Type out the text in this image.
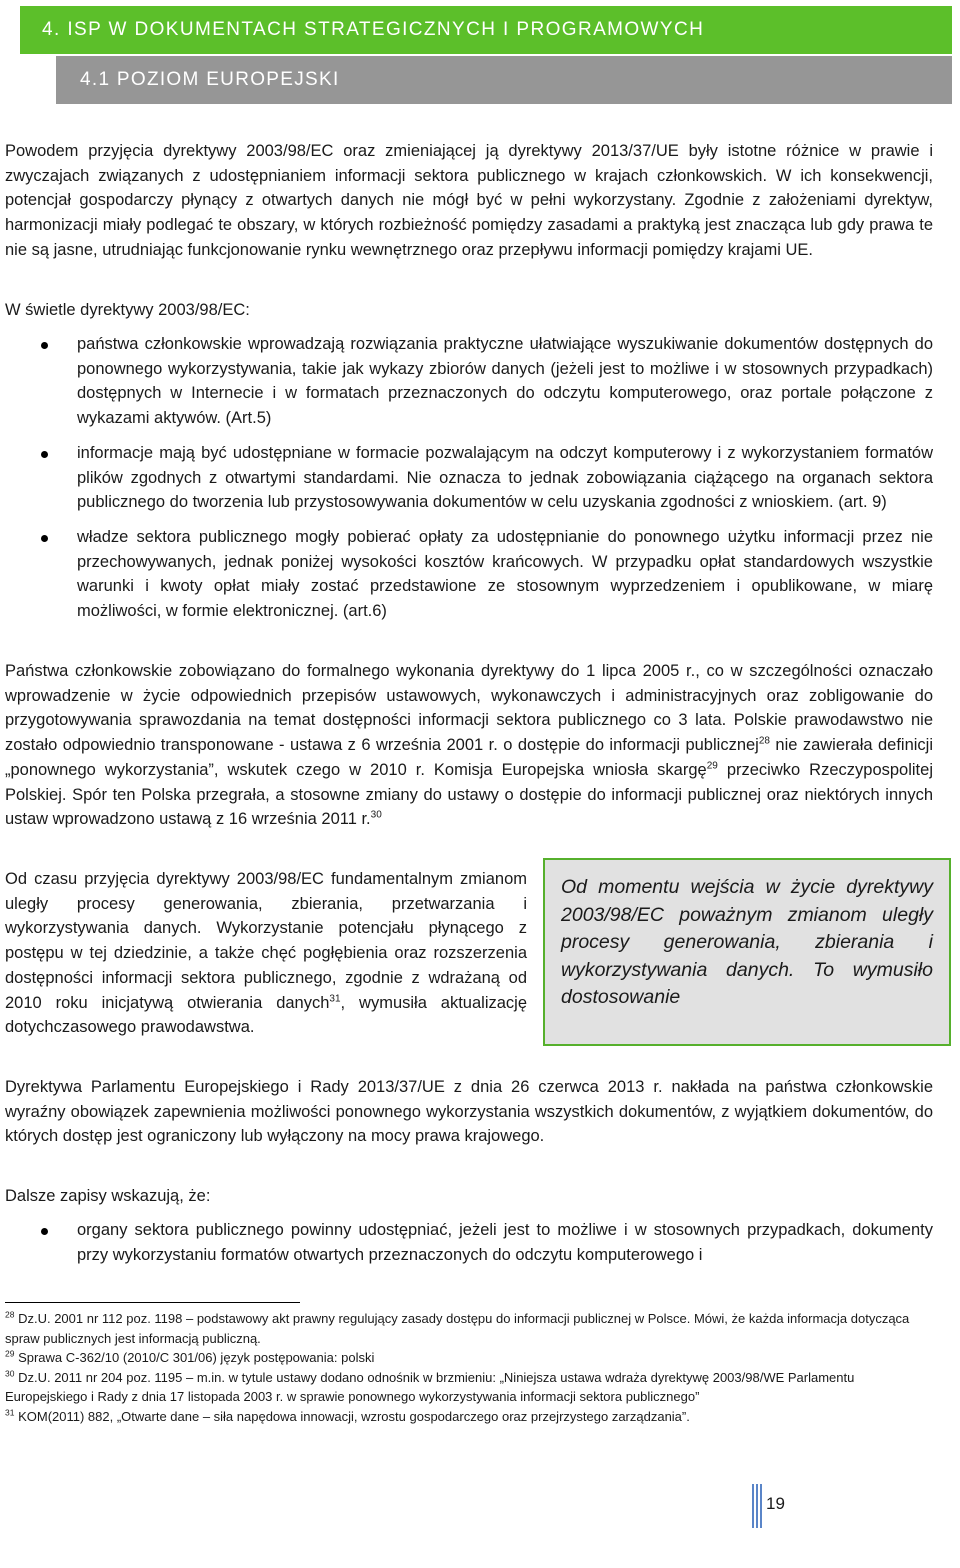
4. ISP W DOKUMENTACH STRATEGICZNYCH I PROGRAMOWYCH
4.1 POZIOM EUROPEJSKI

Powodem przyjęcia dyrektywy 2003/98/EC oraz zmieniającej ją dyrektywy 2013/37/UE były istotne różnice w prawie i zwyczajach związanych z udostępnianiem informacji sektora publicznego w krajach członkowskich. W ich konsekwencji, potencjał gospodarczy płynący z otwartych danych nie mógł być w pełni wykorzystany. Zgodnie z założeniami dyrektyw, harmonizacji miały podlegać te obszary, w których rozbieżność pomiędzy zasadami a praktyką jest znacząca lub gdy prawa te nie są jasne, utrudniając funkcjonowanie rynku wewnętrznego oraz przepływu informacji pomiędzy krajami UE.

W świetle dyrektywy 2003/98/EC:

państwa członkowskie wprowadzają rozwiązania praktyczne ułatwiające wyszukiwanie dokumentów dostępnych do ponownego wykorzystywania, takie jak wykazy zbiorów danych (jeżeli jest to możliwe i w stosownych przypadkach) dostępnych w Internecie i w formatach przeznaczonych do odczytu komputerowego, oraz portale połączone z wykazami aktywów. (Art.5)
informacje mają być udostępniane w formacie pozwalającym na odczyt komputerowy i z wykorzystaniem formatów plików zgodnych z otwartymi standardami. Nie oznacza to jednak zobowiązania ciążącego na organach sektora publicznego do tworzenia lub przystosowywania dokumentów w celu uzyskania zgodności z wnioskiem. (art. 9)
władze sektora publicznego mogły pobierać opłaty za udostępnianie do ponownego użytku informacji przez nie przechowywanych, jednak poniżej wysokości kosztów krańcowych. W przypadku opłat standardowych wszystkie warunki i kwoty opłat miały zostać przedstawione ze stosownym wyprzedzeniem i opublikowane, w miarę możliwości, w formie elektronicznej. (art.6)

Państwa członkowskie zobowiązano do formalnego wykonania dyrektywy do 1 lipca 2005 r., co w szczególności oznaczało wprowadzenie w życie odpowiednich przepisów ustawowych, wykonawczych i administracyjnych oraz zobligowanie do przygotowywania sprawozdania na temat dostępności informacji sektora publicznego co 3 lata. Polskie prawodawstwo nie zostało odpowiednio transponowane - ustawa z 6 września 2001 r. o dostępie do informacji publicznej$^{28}$ nie zawierała definicji „ponownego wykorzystania”, wskutek czego w 2010 r. Komisja Europejska wniosła skargę$^{29}$ przeciwko Rzeczypospolitej Polskiej. Spór ten Polska przegrała, a stosowne zmiany do ustawy o dostępie do informacji publicznej oraz niektórych innych ustaw wprowadzono ustawą z 16 września 2011 r.$^{30}$

Od czasu przyjęcia dyrektywy 2003/98/EC fundamentalnym zmianom uległy procesy generowania, zbierania, przetwarzania i wykorzystywania danych. Wykorzystanie potencjału płynącego z postępu w tej dziedzinie, a także chęć pogłębienia oraz rozszerzenia dostępności informacji sektora publicznego, zgodnie z wdrażaną od 2010 roku inicjatywą otwierania danych$^{31}$, wymusiła aktualizację dotychczasowego prawodawstwa.

Od momentu wejścia w życie dyrektywy 2003/98/EC poważnym zmianom uległy procesy generowania, zbierania i wykorzystywania danych. To wymusiło dostosowanie

Dyrektywa Parlamentu Europejskiego i Rady 2013/37/UE z dnia 26 czerwca 2013 r. nakłada na państwa członkowskie wyraźny obowiązek zapewnienia możliwości ponownego wykorzystania wszystkich dokumentów, z wyjątkiem dokumentów, do których dostęp jest ograniczony lub wyłączony na mocy prawa krajowego.

Dalsze zapisy wskazują, że:

organy sektora publicznego powinny udostępniać, jeżeli jest to możliwe i w stosownych przypadkach, dokumenty przy wykorzystaniu formatów otwartych przeznaczonych do odczytu komputerowego i

$^{28}$ Dz.U. 2001 nr 112 poz. 1198 – podstawowy akt prawny regulujący zasady dostępu do informacji publicznej w Polsce. Mówi, że każda informacja dotycząca spraw publicznych jest informacją publiczną.

$^{29}$ Sprawa C-362/10 (2010/C 301/06) język postępowania: polski

$^{30}$ Dz.U. 2011 nr 204 poz. 1195 – m.in. w tytule ustawy dodano odnośnik w brzmieniu: „Niniejsza ustawa wdraża dyrektywę 2003/98/WE Parlamentu Europejskiego i Rady z dnia 17 listopada 2003 r. w sprawie ponownego wykorzystywania informacji sektora publicznego”

$^{31}$ KOM(2011) 882, „Otwarte dane – siła napędowa innowacji, wzrostu gospodarczego oraz przejrzystego zarządzania”.

19
